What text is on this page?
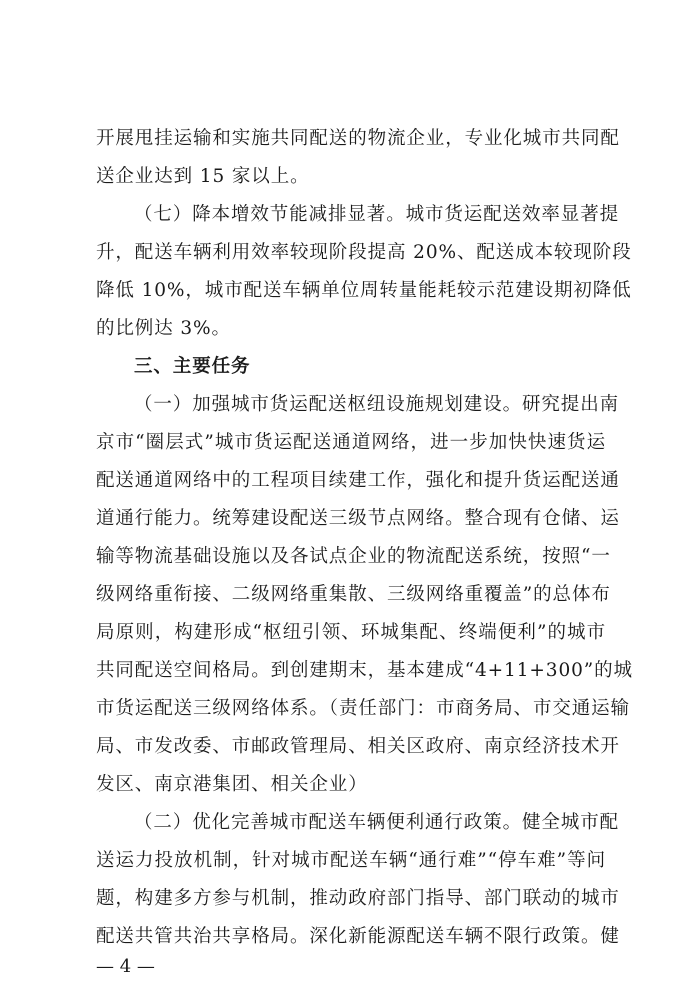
开展甩挂运输和实施共同配送的物流企业，专业化城市共同配
送企业达到 15 家以上。
（七）降本增效节能减排显著。城市货运配送效率显著提
升，配送车辆利用效率较现阶段提高 20%、配送成本较现阶段
降低 10%，城市配送车辆单位周转量能耗较示范建设期初降低
的比例达 3%。
三、主要任务
（一）加强城市货运配送枢纽设施规划建设。研究提出南
京市“圈层式”城市货运配送通道网络，进一步加快快速货运
配送通道网络中的工程项目续建工作，强化和提升货运配送通
道通行能力。统筹建设配送三级节点网络。整合现有仓储、运
输等物流基础设施以及各试点企业的物流配送系统，按照“一
级网络重衔接、二级网络重集散、三级网络重覆盖”的总体布
局原则，构建形成“枢纽引领、环城集配、终端便利”的城市
共同配送空间格局。到创建期末，基本建成“4+11+300”的城
市货运配送三级网络体系。（责任部门：市商务局、市交通运输
局、市发改委、市邮政管理局、相关区政府、南京经济技术开
发区、南京港集团、相关企业）
（二）优化完善城市配送车辆便利通行政策。健全城市配
送运力投放机制，针对城市配送车辆“通行难”“停车难”等问
题，构建多方参与机制，推动政府部门指导、部门联动的城市
配送共管共治共享格局。深化新能源配送车辆不限行政策。健
— 4 —
